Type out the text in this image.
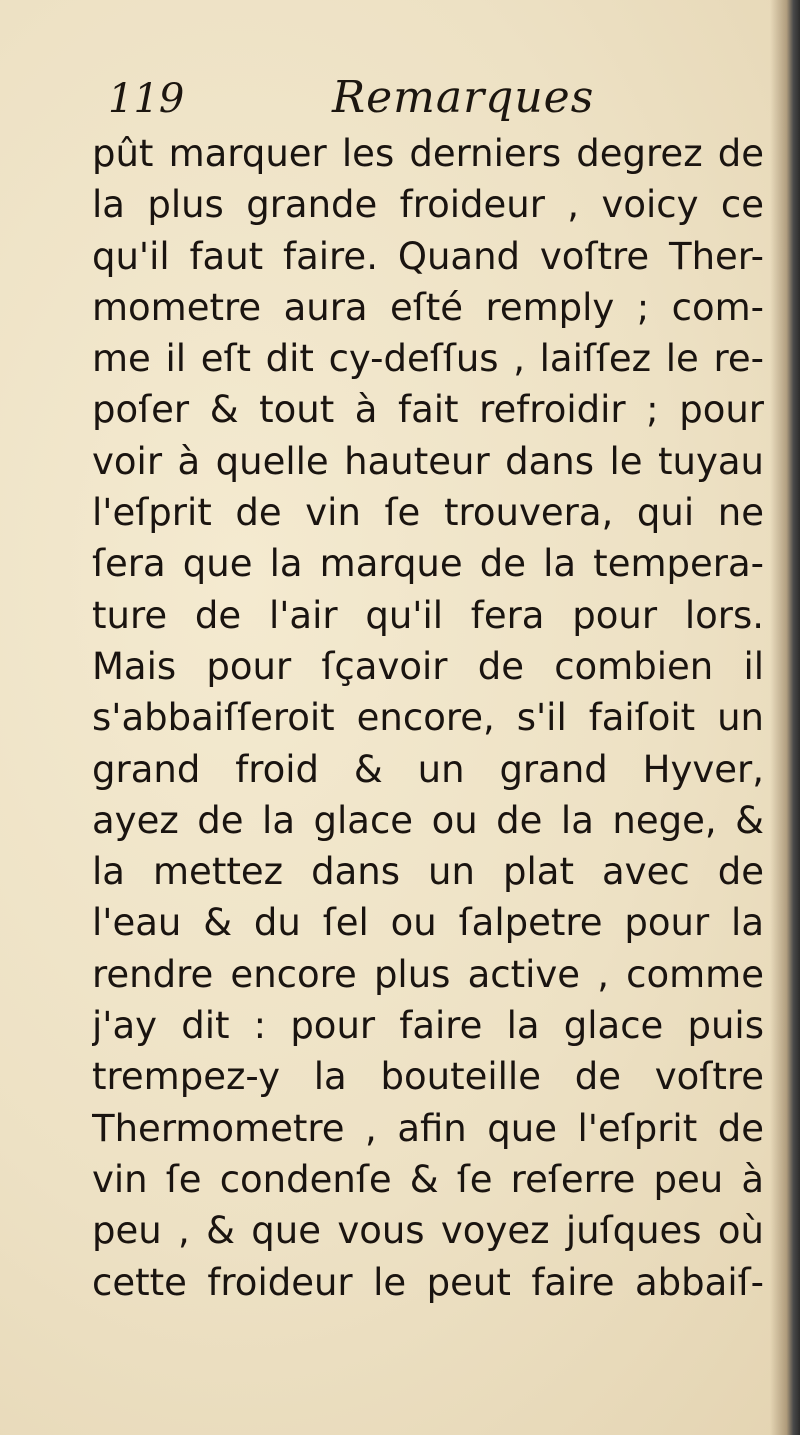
119	Remarques
pût marquer les derniers degrez de
la plus grande froideur , voicy ce
qu'il faut faire. Quand voſtre Ther-
mometre aura eſté remply ; com-
me il eſt dit cy-deſſus , laiſſez le re-
poſer & tout à fait refroidir ; pour
voir à quelle hauteur dans le tuyau
l'eſprit de vin ſe trouvera, qui ne
ſera que la marque de la tempera-
ture de l'air qu'il fera pour lors.
Mais pour ſçavoir de combien il
s'abbaiſſeroit encore, s'il faiſoit un
grand froid & un grand Hyver,
ayez de la glace ou de la nege, &
la mettez dans un plat avec de
l'eau & du ſel ou ſalpetre pour la
rendre encore plus active , comme
j'ay dit : pour faire la glace puis
trempez-y la bouteille de voſtre
Thermometre , afin que l'eſprit de
vin ſe condenſe & ſe reſerre peu à
peu , & que vous voyez juſques où
cette froideur le peut faire abbaiſ-
